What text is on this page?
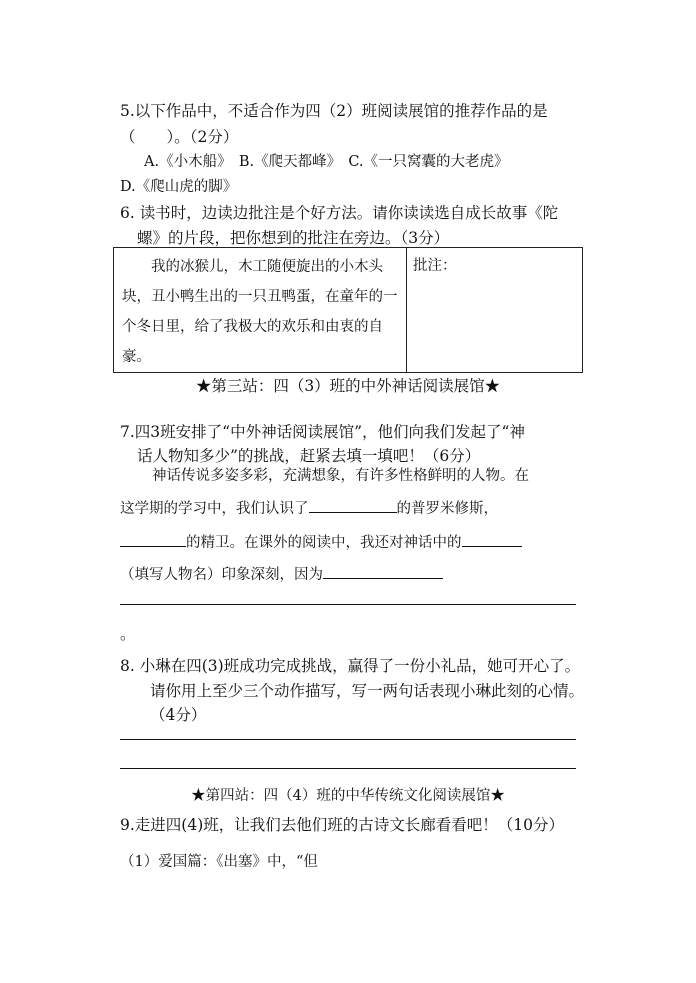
5.以下作品中，不适合作为四（2）班阅读展馆的推荐作品的是
（　　）。（2分）
A.《小木船》　B.《爬天都峰》　C.《一只窝囊的大老虎》
D.《爬山虎的脚》
6. 读书时，边读边批注是个好方法。请你读读选自成长故事《陀
螺》的片段，把你想到的批注在旁边。（3分）
我的冰猴儿，木工随便旋出的小木头块，丑小鸭生出的一只丑鸭蛋，在童年的一个冬日里，给了我极大的欢乐和由衷的自豪。
	批注：
★第三站：四（3）班的中外神话阅读展馆★
7.四3班安排了“中外神话阅读展馆”，他们向我们发起了“神
话人物知多少”的挑战，赶紧去填一填吧！（6分）
神话传说多姿多彩，充满想象，有许多性格鲜明的人物。在
这学期的学习中，我们认识了	的普罗米修斯，
的精卫。在课外的阅读中，我还对神话中的
（填写人物名）印象深刻，因为
。
8. 小琳在四(3)班成功完成挑战，赢得了一份小礼品，她可开心了。
请你用上至少三个动作描写，写一两句话表现小琳此刻的心情。
（4分）
★第四站：四（4）班的中华传统文化阅读展馆★
9.走进四(4)班，让我们去他们班的古诗文长廊看看吧！（10分）
（1）爱国篇：《出塞》中，“但
